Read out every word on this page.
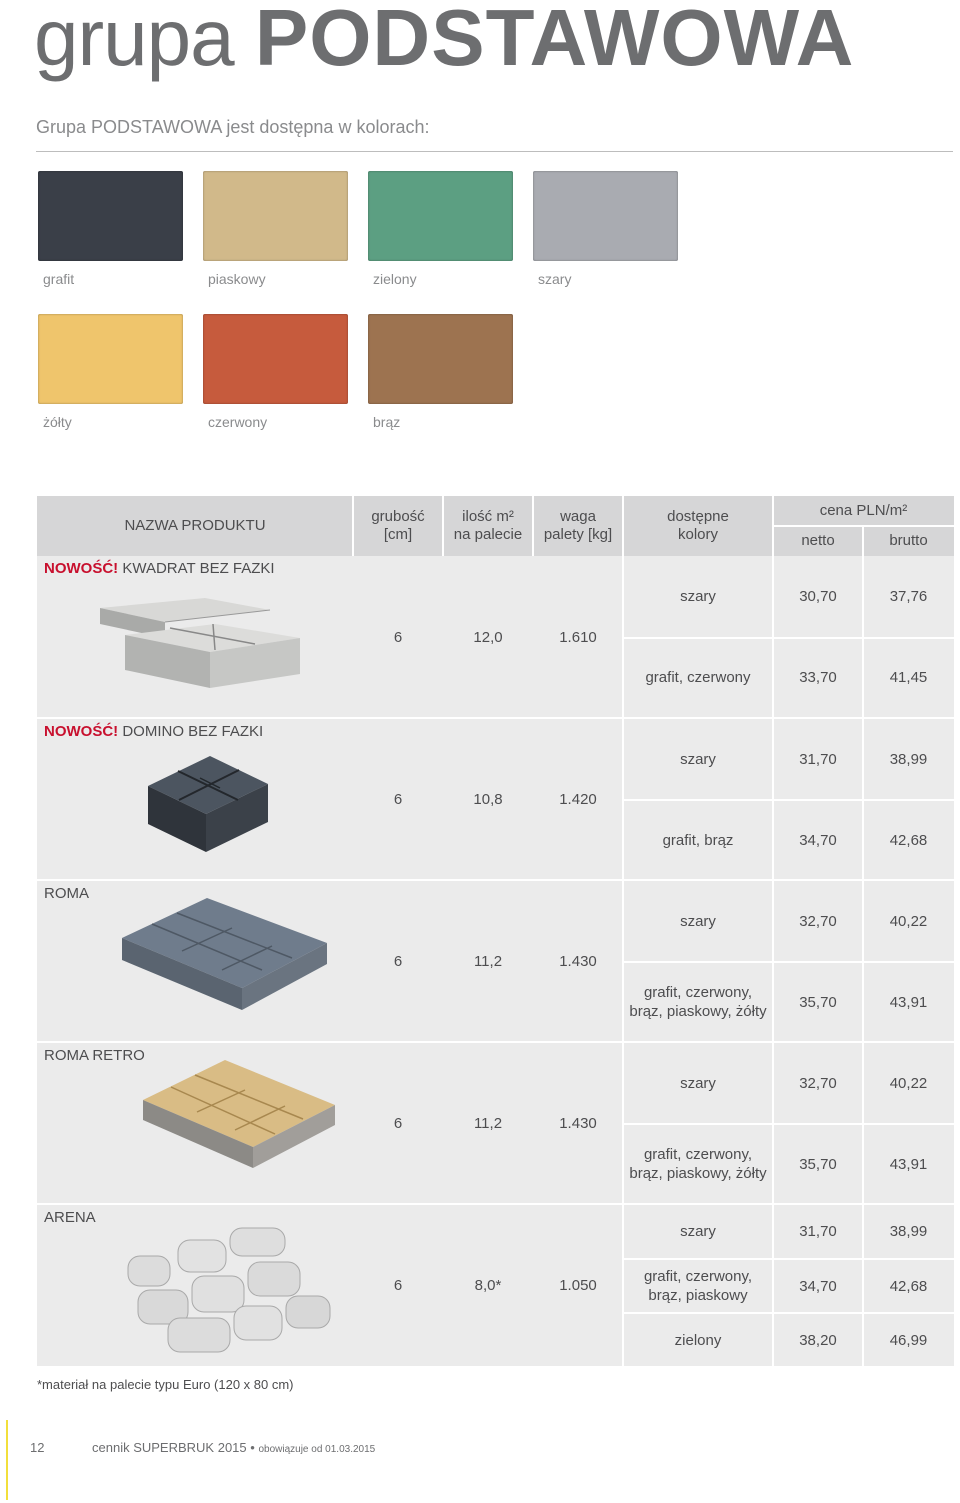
grupa PODSTAWOWA
Grupa PODSTAWOWA jest dostępna w kolorach:
grafit	piaskowy	zielony	szary
żółty	czerwony	brąz
NAZWA PRODUKTU
grubość
[cm]
ilość m²
na palecie
waga
palety [kg]
dostępne
kolory
cena PLN/m²
netto	brutto
NOWOŚĆ! KWADRAT BEZ FAZKI
6	12,0	1.610
szary	30,70	37,76
grafit, czerwony	33,70	41,45
NOWOŚĆ! DOMINO BEZ FAZKI
6	10,8	1.420
szary	31,70	38,99
grafit, brąz	34,70	42,68
ROMA
6	11,2	1.430
szary	32,70	40,22
grafit, czerwony,
brąz, piaskowy, żółty
35,70	43,91
ROMA RETRO
6	11,2	1.430
szary	32,70	40,22
grafit, czerwony,
brąz, piaskowy, żółty
35,70	43,91
ARENA
6	8,0*	1.050
szary	31,70	38,99
grafit, czerwony,
brąz, piaskowy
34,70	42,68
zielony	38,20	46,99
*materiał na palecie typu Euro (120 x 80 cm)
12	cennik SUPERBRUK 2015 • obowiązuje od 01.03.2015
